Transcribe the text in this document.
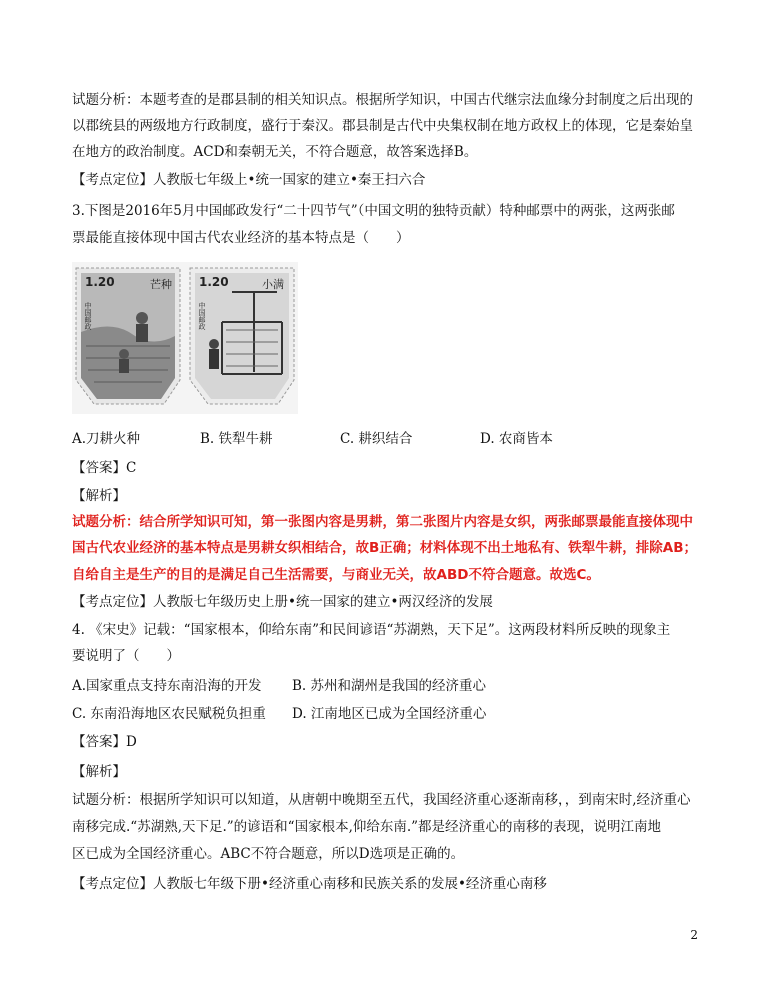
试题分析：本题考查的是郡县制的相关知识点。根据所学知识，中国古代继宗法血缘分封制度之后出现的
以郡统县的两级地方行政制度，盛行于秦汉。郡县制是古代中央集权制在地方政权上的体现，它是秦始皇
在地方的政治制度。ACD和秦朝无关，不符合题意，故答案选择B。
【考点定位】人教版七年级上•统一国家的建立•秦王扫六合
3.下图是2016年5月中国邮政发行“二十四节气”（中国文明的独特贡献）特种邮票中的两张，这两张邮
票最能直接体现中国古代农业经济的基本特点是（　　）
1.20	芒种
中国邮政
1.20	小满
中国邮政
A.刀耕火种	B. 铁犁牛耕	C. 耕织结合	D. 农商皆本
【答案】C
【解析】
试题分析：结合所学知识可知，第一张图内容是男耕，第二张图片内容是女织，两张邮票最能直接体现中
国古代农业经济的基本特点是男耕女织相结合，故B正确；材料体现不出土地私有、铁犁牛耕，排除AB；
自给自主是生产的目的是满足自己生活需要，与商业无关，故ABD不符合题意。故选C。
【考点定位】人教版七年级历史上册•统一国家的建立•两汉经济的发展
4. 《宋史》记载：“国家根本，仰给东南”和民间谚语“苏湖熟，天下足”。这两段材料所反映的现象主
要说明了（　　）
A.国家重点支持东南沿海的开发 B. 苏州和湖州是我国的经济重心
C. 东南沿海地区农民赋税负担重 D. 江南地区已成为全国经济重心
【答案】D
【解析】
试题分析：根据所学知识可以知道，从唐朝中晚期至五代，我国经济重心逐渐南移，，到南宋时,经济重心
南移完成.“苏湖熟,天下足.”的谚语和“国家根本,仰给东南.”都是经济重心的南移的表现，说明江南地
区已成为全国经济重心。ABC不符合题意，所以D选项是正确的。
【考点定位】人教版七年级下册•经济重心南移和民族关系的发展•经济重心南移
2
